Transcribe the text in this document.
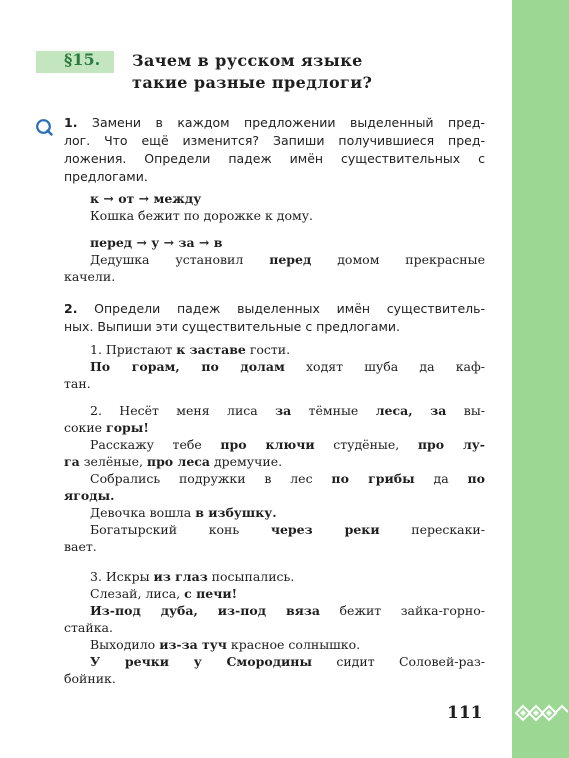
§15. Зачем в русском языке
такие разные предлоги?
1. Замени в каждом предложении выделенный пред-
лог. Что ещё изменится? Запиши получившиеся пред-
ложения. Определи падеж имён существительных с
предлогами.
к → от → между
Кошка бежит по дорожке к дому.
перед → у → за → в
Дедушка установил перед домом прекрасные
качели.
2. Определи падеж выделенных имён существитель-
ных. Выпиши эти существительные с предлогами.
1. Пристают к заставе гости.
По горам, по долам ходят шуба да каф-
тан.
2. Несёт меня лиса за тёмные леса, за вы-
сокие горы!
Расскажу тебе про ключи студёные, про лу-
га зелёные, про леса дремучие.
Собрались подружки в лес по грибы да по
ягоды.
Девочка вошла в избушку.
Богатырский конь через реки перескаки-
вает.
3. Искры из глаз посыпались.
Слезай, лиса, с печи!
Из-под дуба, из-под вяза бежит зайка-горно-
стайка.
Выходило из-за туч красное солнышко.
У речки у Смородины сидит Соловей-раз-
бойник.
111
